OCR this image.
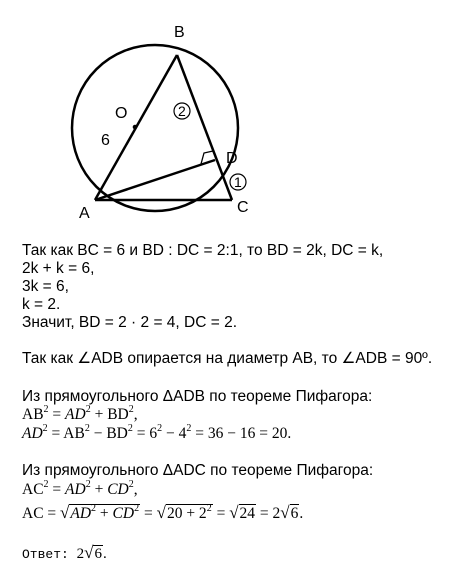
B
O
6
2
D
1
A	C
Так как BC = 6 и BD : DC = 2:1, то BD = 2k, DC = k,
2k + k = 6,
3k = 6,
k = 2.
Значит, BD = 2 · 2 = 4, DC = 2.
Так как ∠ADB опирается на диаметр AB, то ∠ADB = 90º.
Из прямоугольного ΔADB по теореме Пифагора:
$AB^2 = AD^2 + BD^2$,
$AD^2 = AB^2 - BD^2 = 6^2 - 4^2 = 36 - 16 = 20$.
Из прямоугольного ΔADC по теореме Пифагора:
$AC^2 = AD^2 + CD^2$,
AC = $√AD^2 + CD^2 = √20 + 2^2 = √24 = 2√6$.
Ответ: 2√6.
